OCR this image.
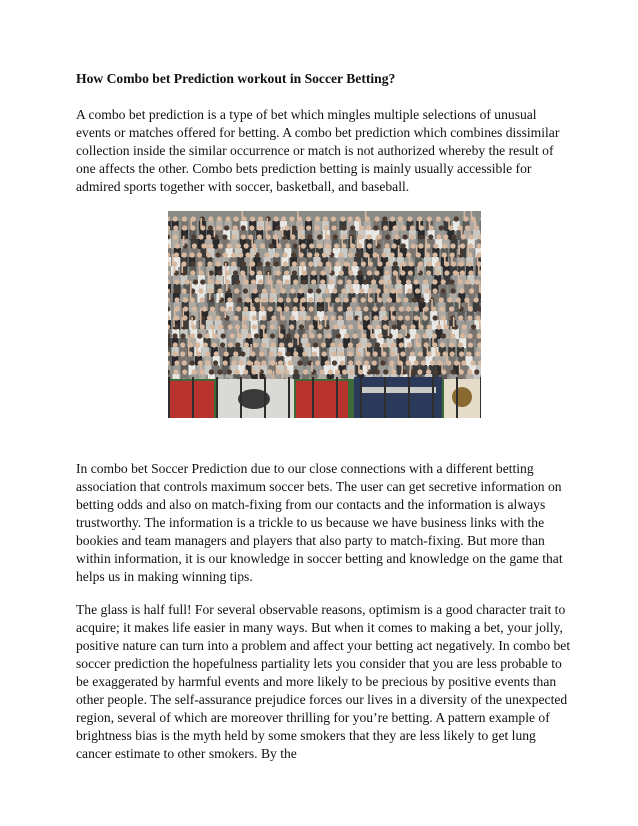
How Combo bet Prediction workout in Soccer Betting?

A combo bet prediction is a type of bet which mingles multiple selections of unusual events or matches offered for betting. A combo bet prediction which combines dissimilar collection inside the similar occurrence or match is not authorized whereby the result of one affects the other. Combo bets prediction betting is mainly usually accessible for admired sports together with soccer, basketball, and baseball.

In combo bet Soccer Prediction due to our close connections with a different betting association that controls maximum soccer bets. The user can get secretive information on betting odds and also on match-fixing from our contacts and the information is always trustworthy. The information is a trickle to us because we have business links with the bookies and team managers and players that also party to match-fixing. But more than within information, it is our knowledge in soccer betting and knowledge on the game that helps us in making winning tips.

The glass is half full! For several observable reasons, optimism is a good character trait to acquire; it makes life easier in many ways. But when it comes to making a bet, your jolly, positive nature can turn into a problem and affect your betting act negatively. In combo bet soccer prediction the hopefulness partiality lets you consider that you are less probable to be exaggerated by harmful events and more likely to be precious by positive events than other people. The self-assurance prejudice forces our lives in a diversity of the unexpected region, several of which are moreover thrilling for you’re betting. A pattern example of brightness bias is the myth held by some smokers that they are less likely to get lung cancer estimate to other smokers. By the
